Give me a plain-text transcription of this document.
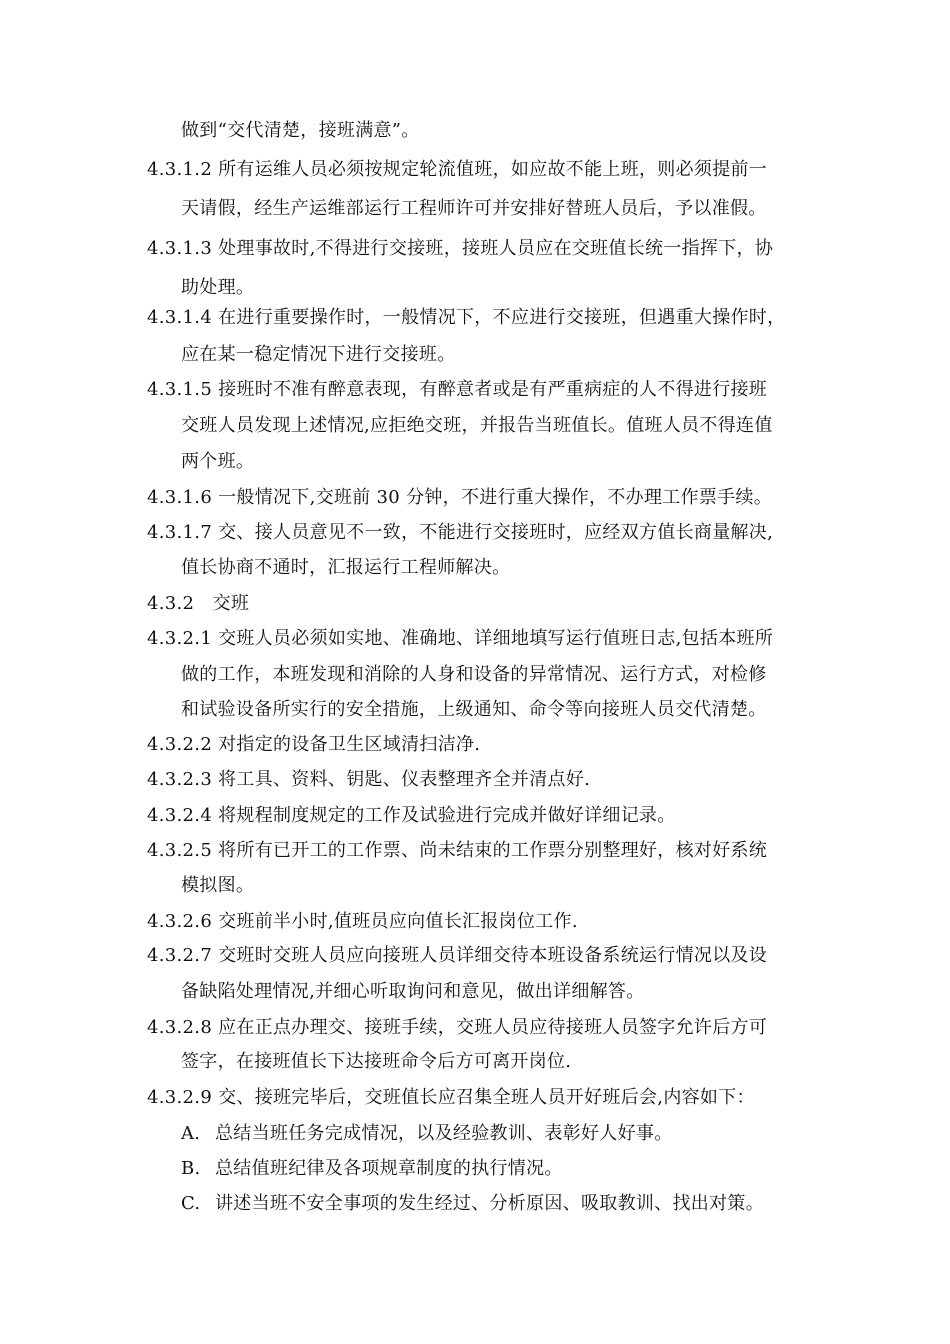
做到“交代清楚，接班满意”。
4.3.1.2 所有运维人员必须按规定轮流值班，如应故不能上班，则必须提前一
天请假，经生产运维部运行工程师许可并安排好替班人员后，予以准假。
4.3.1.3 处理事故时,不得进行交接班，接班人员应在交班值长统一指挥下，协
助处理。
4.3.1.4 在进行重要操作时，一般情况下，不应进行交接班，但遇重大操作时，
应在某一稳定情况下进行交接班。
4.3.1.5 接班时不准有醉意表现，有醉意者或是有严重病症的人不得进行接班
交班人员发现上述情况,应拒绝交班，并报告当班值长。值班人员不得连值
两个班。
4.3.1.6 一般情况下,交班前 30 分钟，不进行重大操作，不办理工作票手续。
4.3.1.7 交、接人员意见不一致，不能进行交接班时，应经双方值长商量解决,
值长协商不通时，汇报运行工程师解决。
4.3.2　交班
4.3.2.1 交班人员必须如实地、准确地、详细地填写运行值班日志,包括本班所
做的工作，本班发现和消除的人身和设备的异常情况、运行方式，对检修
和试验设备所实行的安全措施，上级通知、命令等向接班人员交代清楚。
4.3.2.2 对指定的设备卫生区域清扫洁净.
4.3.2.3 将工具、资料、钥匙、仪表整理齐全并清点好.
4.3.2.4 将规程制度规定的工作及试验进行完成并做好详细记录。
4.3.2.5 将所有已开工的工作票、尚未结束的工作票分别整理好，核对好系统
模拟图。
4.3.2.6 交班前半小时,值班员应向值长汇报岗位工作.
4.3.2.7 交班时交班人员应向接班人员详细交待本班设备系统运行情况以及设
备缺陷处理情况,并细心听取询问和意见，做出详细解答。
4.3.2.8 应在正点办理交、接班手续，交班人员应待接班人员签字允许后方可
签字，在接班值长下达接班命令后方可离开岗位.
4.3.2.9 交、接班完毕后，交班值长应召集全班人员开好班后会,内容如下：
A. 总结当班任务完成情况，以及经验教训、表彰好人好事。
B. 总结值班纪律及各项规章制度的执行情况。
C. 讲述当班不安全事项的发生经过、分析原因、吸取教训、找出对策。
